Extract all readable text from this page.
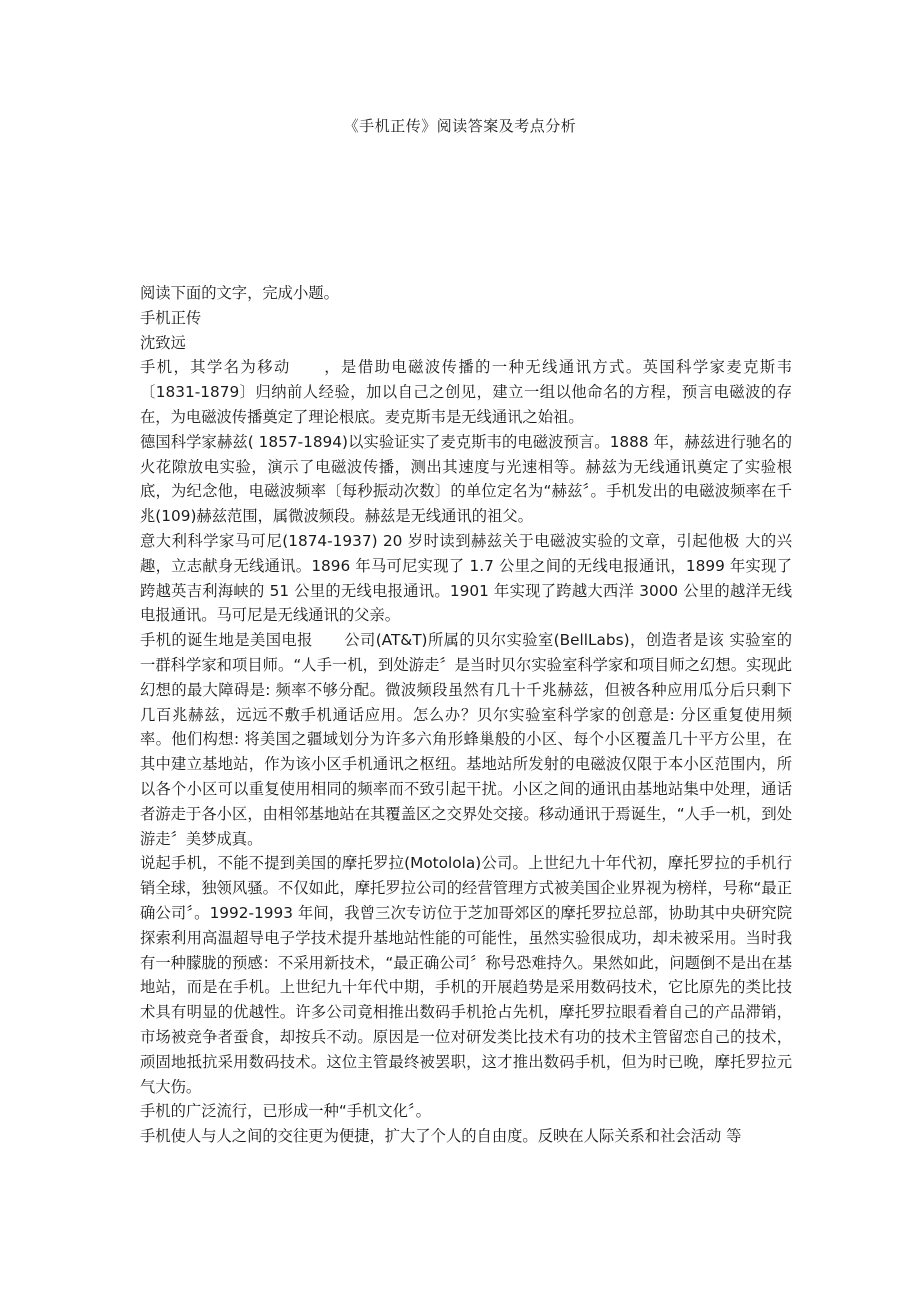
《手机正传》阅读答案及考点分析

阅读下面的文字，完成小题。

手机正传

沈致远

手机，其学名为移动　　，是借助电磁波传播的一种无线通讯方式。英国科学家麦克斯韦〔1831-1879〕归纳前人经验，加以自己之创见，建立一组以他命名的方程，预言电磁波的存在，为电磁波传播奠定了理论根底。麦克斯韦是无线通讯之始祖。

德国科学家赫兹( 1857-1894)以实验证实了麦克斯韦的电磁波预言。1888 年，赫兹进行驰名的火花隙放电实验，演示了电磁波传播，测出其速度与光速相等。赫兹为无线通讯奠定了实验根底，为纪念他，电磁波频率〔每秒振动次数〕的单位定名为“赫兹〞。手机发出的电磁波频率在千兆(109)赫兹范围，属微波频段。赫兹是无线通讯的祖父。

意大利科学家马可尼(1874-1937) 20 岁时读到赫兹关于电磁波实验的文章，引起他极 大的兴趣，立志献身无线通讯。1896 年马可尼实现了 1.7 公里之间的无线电报通讯，1899 年实现了跨越英吉利海峡的 51 公里的无线电报通讯。1901 年实现了跨越大西洋 3000 公里的越洋无线电报通讯。马可尼是无线通讯的父亲。

手机的诞生地是美国电报　　公司(AT&T)所属的贝尔实验室(BellLabs)，创造者是该 实验室的一群科学家和项目师。“人手一机，到处游走〞是当时贝尔实验室科学家和项目师之幻想。实现此幻想的最大障碍是: 频率不够分配。微波频段虽然有几十千兆赫兹，但被各种应用瓜分后只剩下几百兆赫兹，远远不敷手机通话应用。怎么办？贝尔实验室科学家的创意是: 分区重复使用频率。他们构想: 将美国之疆域划分为许多六角形蜂巢般的小区、每个小区覆盖几十平方公里，在其中建立基地站，作为该小区手机通讯之枢纽。基地站所发射的电磁波仅限于本小区范围内，所以各个小区可以重复使用相同的频率而不致引起干扰。小区之间的通讯由基地站集中处理，通话者游走于各小区，由相邻基地站在其覆盖区之交界处交接。移动通讯于焉诞生，“人手一机，到处游走〞美梦成真。

说起手机，不能不提到美国的摩托罗拉(Motolola)公司。上世纪九十年代初，摩托罗拉的手机行销全球，独领风骚。不仅如此，摩托罗拉公司的经营管理方式被美国企业界视为榜样，号称“最正确公司〞。1992-1993 年间，我曾三次专访位于芝加哥郊区的摩托罗拉总部，协助其中央研究院探索利用高温超导电子学技术提升基地站性能的可能性，虽然实验很成功，却未被采用。当时我有一种朦胧的预感：不采用新技术，“最正确公司〞称号恐难持久。果然如此，问题倒不是出在基地站，而是在手机。上世纪九十年代中期，手机的开展趋势是采用数码技术，它比原先的类比技术具有明显的优越性。许多公司竟相推出数码手机抢占先机，摩托罗拉眼看着自己的产品滞销，市场被竞争者蚕食，却按兵不动。原因是一位对研发类比技术有功的技术主管留恋自己的技术，顽固地抵抗采用数码技术。这位主管最终被罢职，这才推出数码手机，但为时已晚，摩托罗拉元气大伤。

手机的广泛流行，已形成一种“手机文化〞。

手机使人与人之间的交往更为便捷，扩大了个人的自由度。反映在人际关系和社会活动 等
